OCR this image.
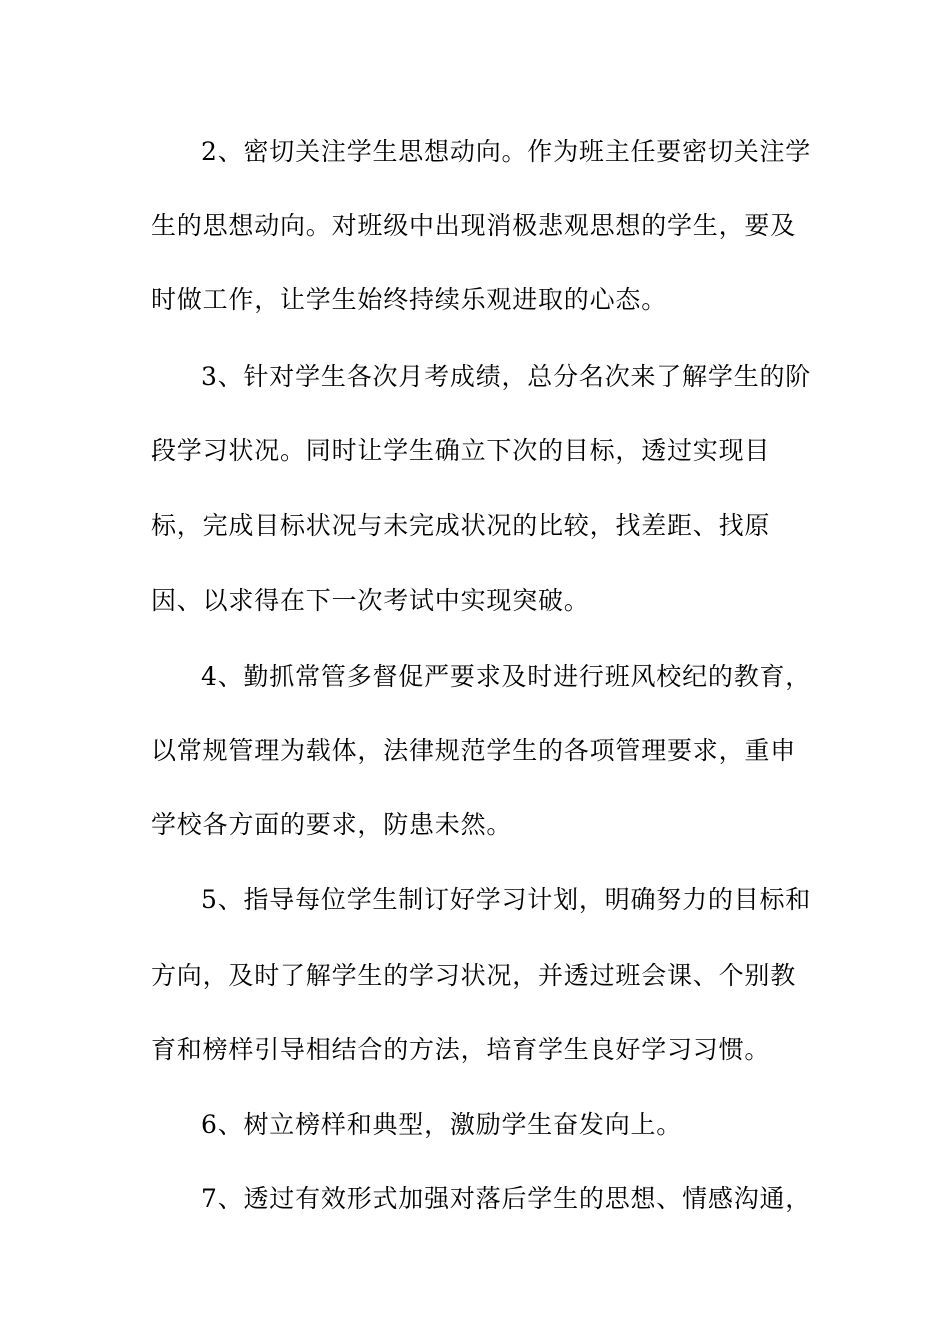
2、密切关注学生思想动向。作为班主任要密切关注学

生的思想动向。对班级中出现消极悲观思想的学生，要及

时做工作，让学生始终持续乐观进取的心态。

3、针对学生各次月考成绩，总分名次来了解学生的阶

段学习状况。同时让学生确立下次的目标，透过实现目

标，完成目标状况与未完成状况的比较，找差距、找原

因、以求得在下一次考试中实现突破。

4、勤抓常管多督促严要求及时进行班风校纪的教育，

以常规管理为载体，法律规范学生的各项管理要求，重申

学校各方面的要求，防患未然。

5、指导每位学生制订好学习计划，明确努力的目标和

方向，及时了解学生的学习状况，并透过班会课、个别教

育和榜样引导相结合的方法，培育学生良好学习习惯。

6、树立榜样和典型，激励学生奋发向上。

7、透过有效形式加强对落后学生的思想、情感沟通，
